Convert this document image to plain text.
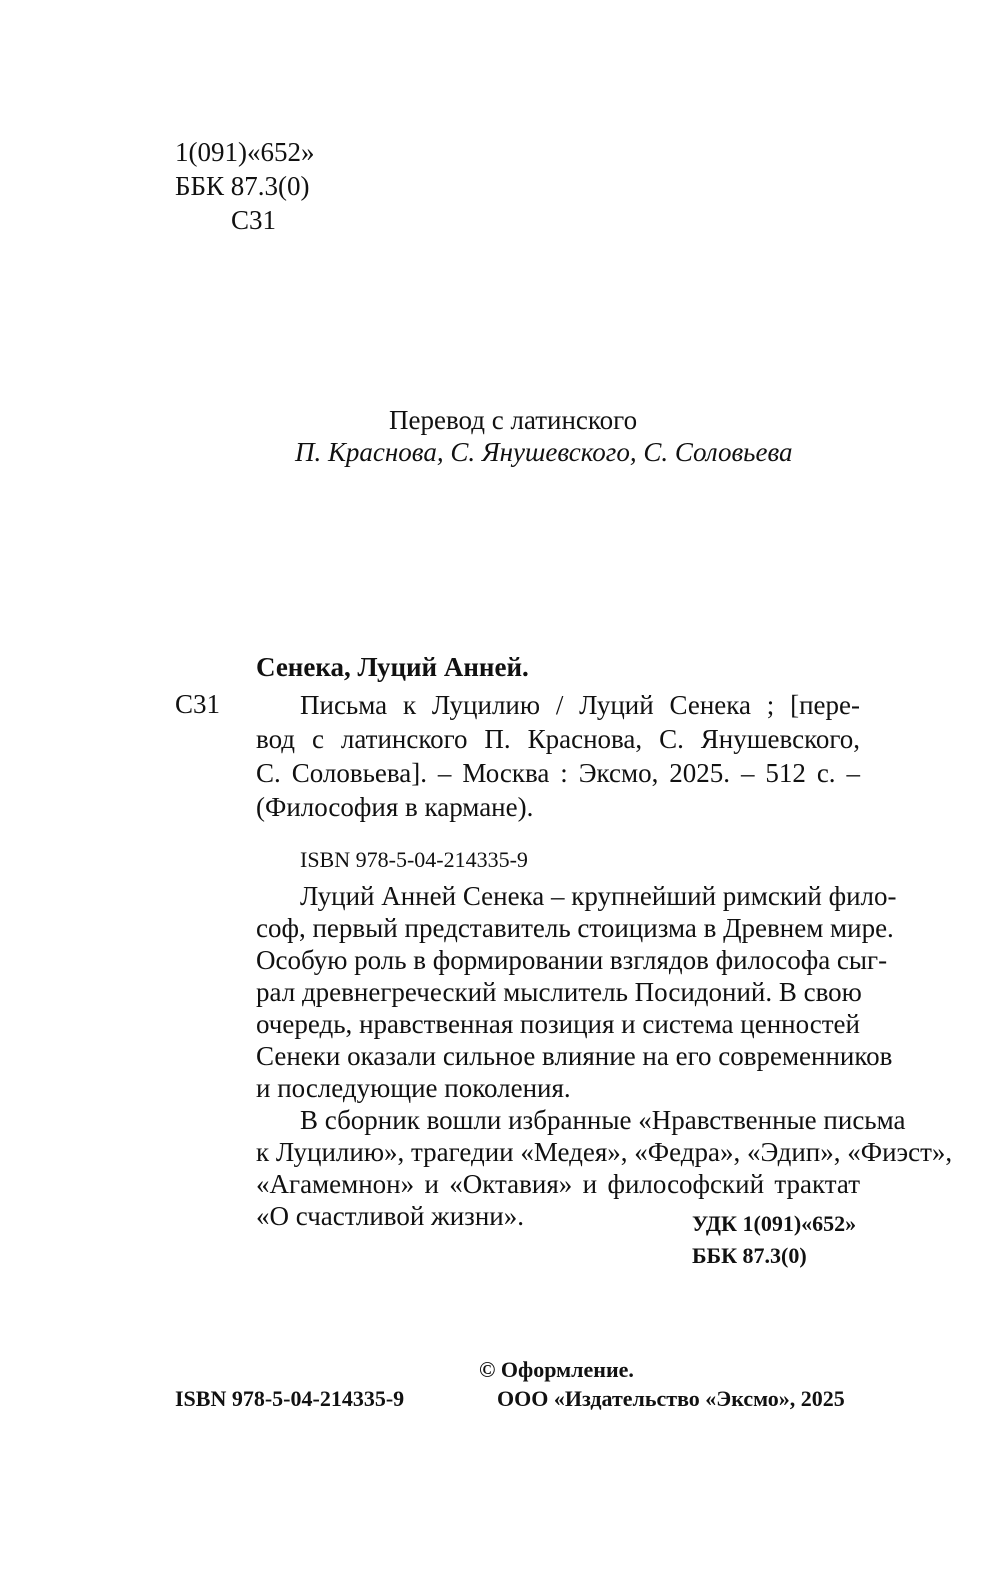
1(091)«652»
ББК 87.3(0)
С31
Перевод с латинского
П. Краснова, С. Янушевского, С. Соловьева
Сенека, Луций Анней.
С31	Письма к Луцилию / Луций Сенека ; [пере-
вод с латинского П. Краснова, С. Янушевского,
С. Соловьева]. – Москва : Эксмо, 2025. – 512 с. –
(Философия в кармане).
ISBN 978-5-04-214335-9
Луций Анней Сенека – крупнейший римский фило-
соф, первый представитель стоицизма в Древнем мире.
Особую роль в формировании взглядов философа сыг-
рал древнегреческий мыслитель Посидоний. В свою
очередь, нравственная позиция и система ценностей
Сенеки оказали сильное влияние на его современников
и последующие поколения.
В сборник вошли избранные «Нравственные письма
к Луцилию», трагедии «Медея», «Федра», «Эдип», «Фиэст»,
«Агамемнон» и «Октавия» и философский трактат
«О счастливой жизни».	УДК 1(091)«652»
ББК 87.3(0)
© Оформление.
ISBN 978-5-04-214335-9	ООО «Издательство «Эксмо», 2025
